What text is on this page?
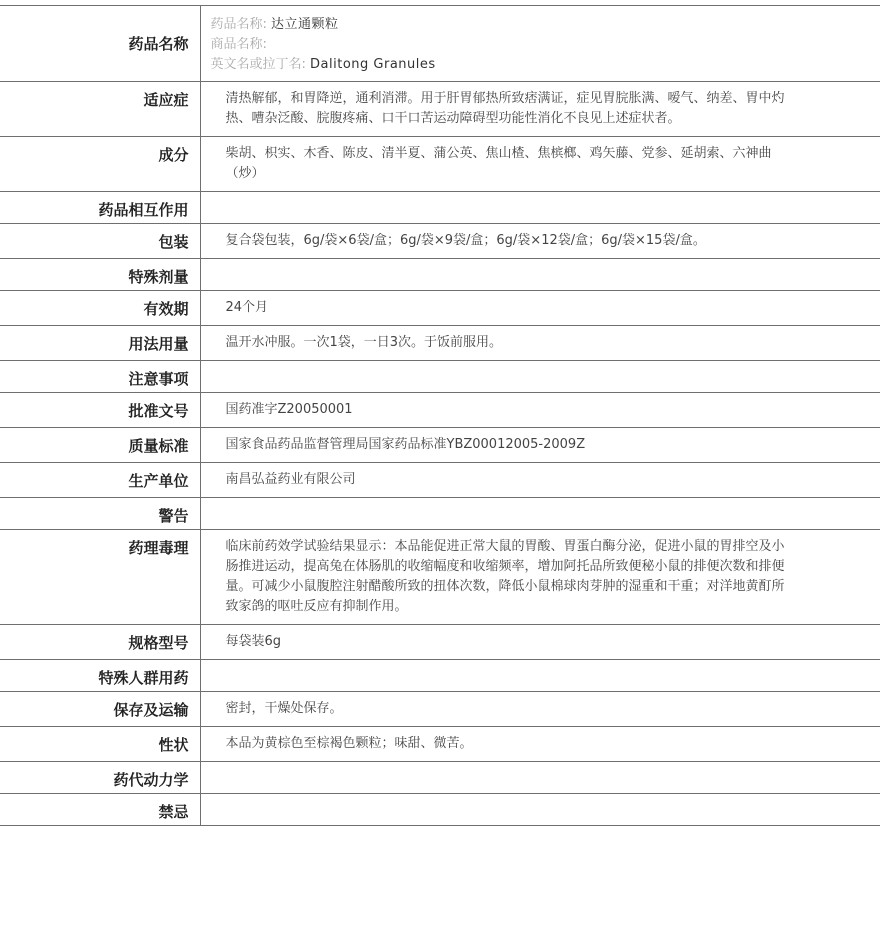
药品名称	药品名称: 达立通颗粒
商品名称:
英文名或拉丁名: Dalitong Granules

适应症	清热解郁，和胃降逆，通利消滞。用于肝胃郁热所致痞满证，症见胃脘胀满、嗳气、纳差、胃中灼热、嘈杂泛酸、脘腹疼痛、口干口苦运动障碍型功能性消化不良见上述症状者。
成分	柴胡、枳实、木香、陈皮、清半夏、蒲公英、焦山楂、焦槟榔、鸡矢藤、党参、延胡索、六神曲（炒）
药品相互作用	
包装	复合袋包装，6g/袋×6袋/盒；6g/袋×9袋/盒；6g/袋×12袋/盒；6g/袋×15袋/盒。
特殊剂量	
有效期	24个月
用法用量	温开水冲服。一次1袋，一日3次。于饭前服用。
注意事项	
批准文号	国药准字Z20050001
质量标准	国家食品药品监督管理局国家药品标准YBZ00012005-2009Z
生产单位	南昌弘益药业有限公司
警告	
药理毒理	临床前药效学试验结果显示：本品能促进正常大鼠的胃酸、胃蛋白酶分泌，促进小鼠的胃排空及小肠推进运动，提高兔在体肠肌的收缩幅度和收缩频率，增加阿托品所致便秘小鼠的排便次数和排便量。可减少小鼠腹腔注射醋酸所致的扭体次数，降低小鼠棉球肉芽肿的湿重和干重；对洋地黄酊所致家鸽的呕吐反应有抑制作用。
规格型号	每袋装6g
特殊人群用药	
保存及运输	密封，干燥处保存。
性状	本品为黄棕色至棕褐色颗粒；味甜、微苦。
药代动力学	
禁忌	
